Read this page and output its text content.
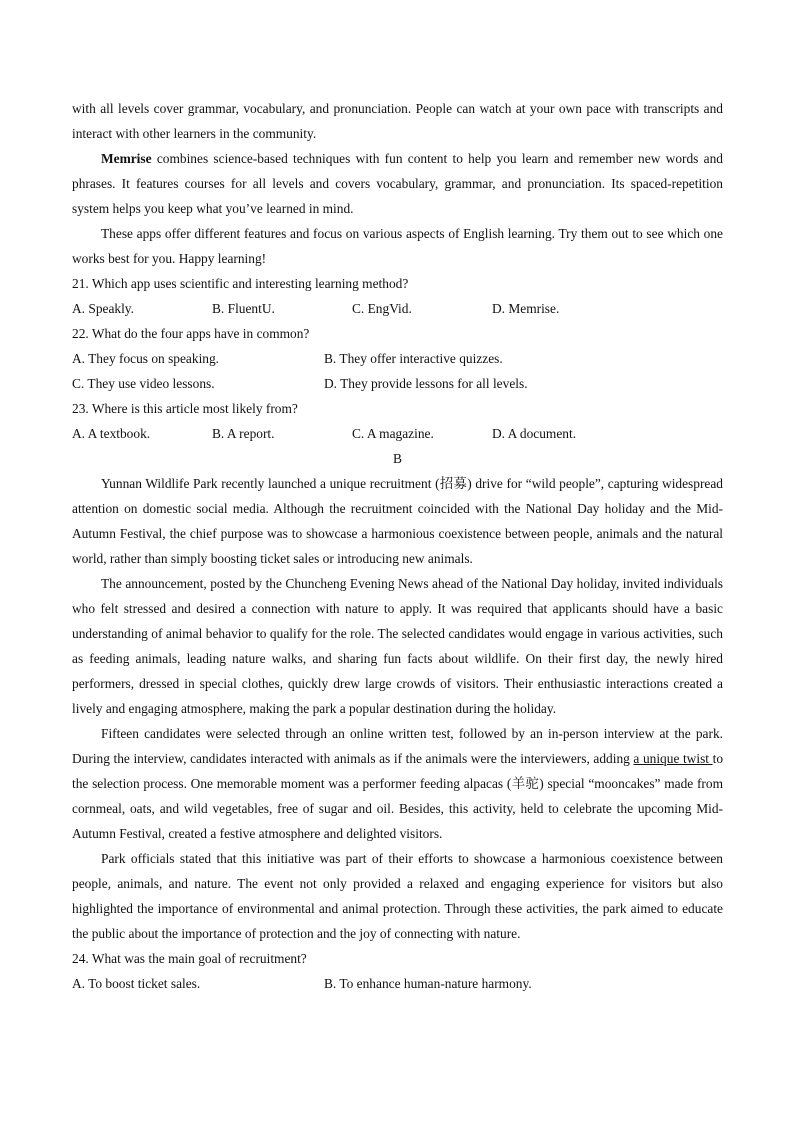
with all levels cover grammar, vocabulary, and pronunciation. People can watch at your own pace with transcripts and interact with other learners in the community.

Memrise combines science-based techniques with fun content to help you learn and remember new words and phrases. It features courses for all levels and covers vocabulary, grammar, and pronunciation. Its spaced-repetition system helps you keep what you’ve learned in mind.

These apps offer different features and focus on various aspects of English learning. Try them out to see which one works best for you. Happy learning!

21. Which app uses scientific and interesting learning method?

A. Speakly.	B. FluentU.	C. EngVid.	D. Memrise.

22. What do the four apps have in common?

A. They focus on speaking.	B. They offer interactive quizzes.
C. They use video lessons.	D. They provide lessons for all levels.

23. Where is this article most likely from?

A. A textbook.	B. A report.	C. A magazine.	D. A document.

B

Yunnan Wildlife Park recently launched a unique recruitment (招募) drive for “wild people”, capturing widespread attention on domestic social media. Although the recruitment coincided with the National Day holiday and the Mid-Autumn Festival, the chief purpose was to showcase a harmonious coexistence between people, animals and the natural world, rather than simply boosting ticket sales or introducing new animals.

The announcement, posted by the Chuncheng Evening News ahead of the National Day holiday, invited individuals who felt stressed and desired a connection with nature to apply. It was required that applicants should have a basic understanding of animal behavior to qualify for the role. The selected candidates would engage in various activities, such as feeding animals, leading nature walks, and sharing fun facts about wildlife. On their first day, the newly hired performers, dressed in special clothes, quickly drew large crowds of visitors. Their enthusiastic interactions created a lively and engaging atmosphere, making the park a popular destination during the holiday.

Fifteen candidates were selected through an online written test, followed by an in-person interview at the park. During the interview, candidates interacted with animals as if the animals were the interviewers, adding a unique twist to the selection process. One memorable moment was a performer feeding alpacas (羊驼) special “mooncakes” made from cornmeal, oats, and wild vegetables, free of sugar and oil. Besides, this activity, held to celebrate the upcoming Mid-Autumn Festival, created a festive atmosphere and delighted visitors.

Park officials stated that this initiative was part of their efforts to showcase a harmonious coexistence between people, animals, and nature. The event not only provided a relaxed and engaging experience for visitors but also highlighted the importance of environmental and animal protection. Through these activities, the park aimed to educate the public about the importance of protection and the joy of connecting with nature.

24. What was the main goal of recruitment?

A. To boost ticket sales.	B. To enhance human-nature harmony.
